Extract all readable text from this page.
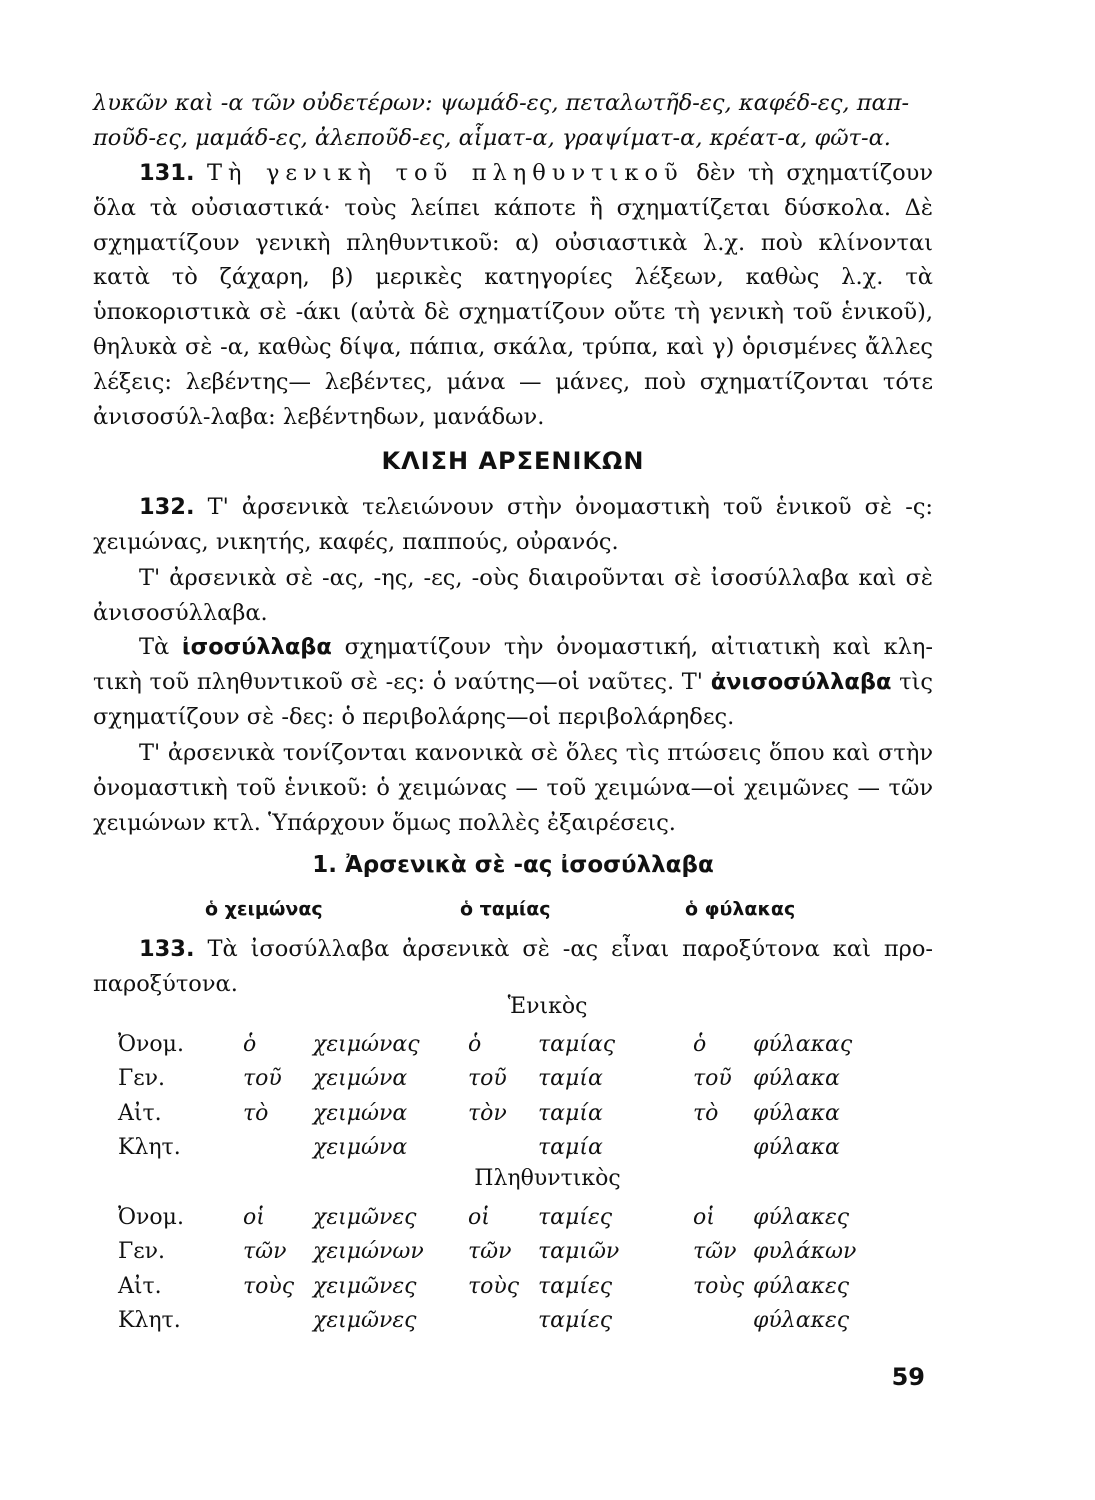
λυκῶν καὶ -α τῶν οὐδετέρων: ψωμάδ-ες, πεταλωτῆδ-ες, καφέδ-ες, παπ-
ποῦδ-ες, μαμάδ-ες, ἀλεποῦδ-ες, αἷματ-α, γραψίματ-α, κρέατ-α, φῶτ-α.
131. Τὴ γενικὴ τοῦ πληθυντικοῦ δὲν τὴ σχηματίζουν ὅλα τὰ οὐσιαστικά· τοὺς λείπει κάποτε ἢ σχηματίζεται δύσκολα. Δὲ σχηματίζουν γενικὴ πληθυντικοῦ: α) οὐσιαστικὰ λ.χ. ποὺ κλίνονται κατὰ τὸ ζάχαρη, β) μερικὲς κατηγορίες λέξεων, καθὼς λ.χ. τὰ ὑποκοριστικὰ σὲ -άκι (αὐτὰ δὲ σχηματίζουν οὔτε τὴ γενικὴ τοῦ ἑνικοῦ), θηλυκὰ σὲ -α, καθὼς δίψα, πάπια, σκάλα, τρύπα, καὶ γ) ὁρισμένες ἄλλες λέξεις: λεβέντης— λεβέντες, μάνα — μάνες, ποὺ σχηματίζονται τότε ἀνισοσύλ-λαβα: λεβέντηδων, μανάδων.
ΚΛΙΣΗ ΑΡΣΕΝΙΚΩΝ
132. Τ' ἀρσενικὰ τελειώνουν στὴν ὀνομαστικὴ τοῦ ἑνικοῦ σὲ -ς: χειμώνας, νικητής, καφές, παππούς, οὐρανός.
Τ' ἀρσενικὰ σὲ -ας, -ης, -ες, -οὺς διαιροῦνται σὲ ἰσοσύλλαβα καὶ σὲ ἀνισοσύλλαβα.
Τὰ ἰσοσύλλαβα σχηματίζουν τὴν ὀνομαστική, αἰτιατικὴ καὶ κλη-τικὴ τοῦ πληθυντικοῦ σὲ -ες: ὁ ναύτης—οἱ ναῦτες. Τ' ἀνισοσύλλαβα τὶς σχηματίζουν σὲ -δες: ὁ περιβολάρης—οἱ περιβολάρηδες.
Τ' ἀρσενικὰ τονίζονται κανονικὰ σὲ ὅλες τὶς πτώσεις ὅπου καὶ στὴν ὀνομαστικὴ τοῦ ἑνικοῦ: ὁ χειμώνας — τοῦ χειμώνα—οἱ χειμῶνες — τῶν χειμώνων κτλ. Ὑπάρχουν ὅμως πολλὲς ἐξαιρέσεις.
1. Ἀρσενικὰ σὲ -ας ἰσοσύλλαβα
ὁ χειμώνας	ὁ ταμίας	ὁ φύλακας
133. Τὰ ἰσοσύλλαβα ἀρσενικὰ σὲ -ας εἶναι παροξύτονα καὶ προ-παροξύτονα.
Ἑνικὸς
Ὀνομ.	ὁ	χειμώνας	ὁ	ταμίας	ὁ	φύλακας
Γεν.	τοῦ	χειμώνα	τοῦ	ταμία	τοῦ	φύλακα
Αἰτ.	τὸ	χειμώνα	τὸν	ταμία	τὸ	φύλακα
Κλητ.		χειμώνα		ταμία		φύλακα
Πληθυντικὸς
Ὀνομ.	οἱ	χειμῶνες	οἱ	ταμίες	οἱ	φύλακες
Γεν.	τῶν	χειμώνων	τῶν	ταμιῶν	τῶν	φυλάκων
Αἰτ.	τοὺς	χειμῶνες	τοὺς	ταμίες	τοὺς	φύλακες
Κλητ.		χειμῶνες		ταμίες		φύλακες
59
